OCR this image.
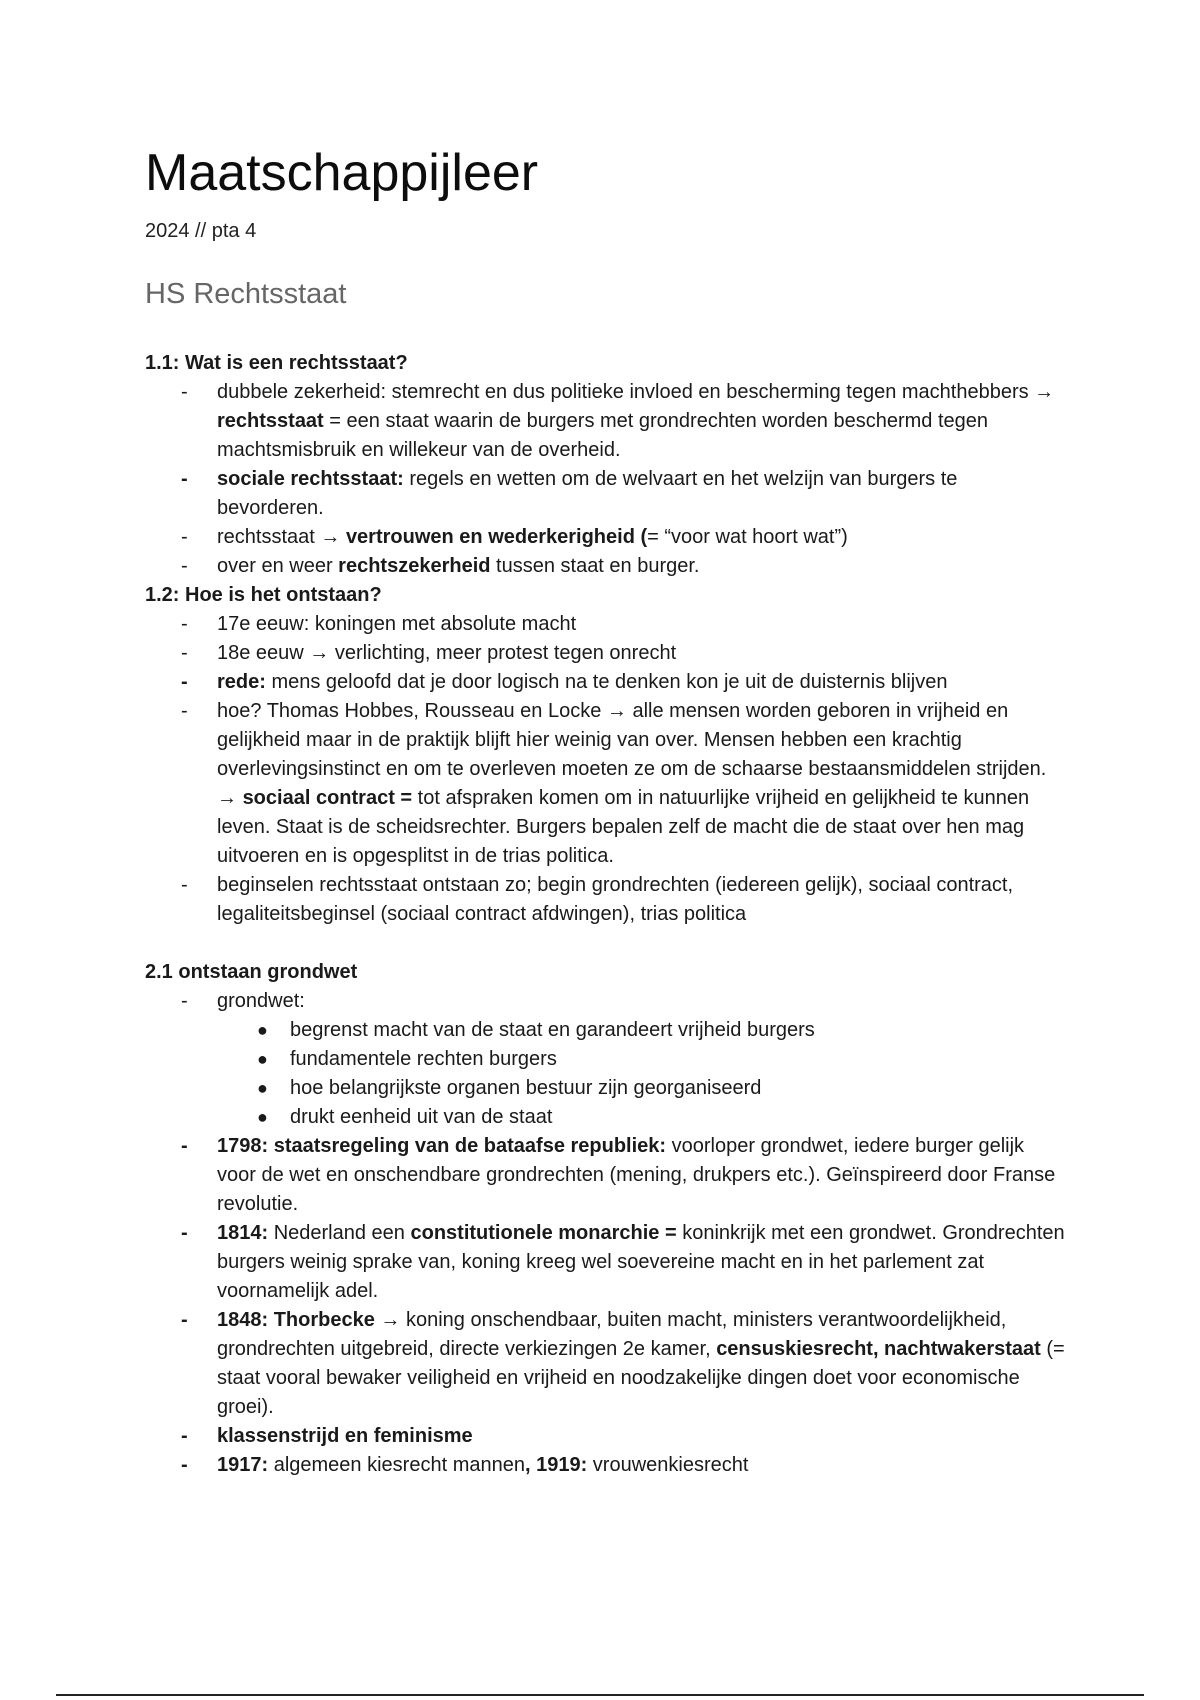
Maatschappijleer
2024 // pta 4
HS Rechtsstaat
1.1: Wat is een rechtsstaat?
- dubbele zekerheid: stemrecht en dus politieke invloed en bescherming tegen machthebbers → rechtsstaat = een staat waarin de burgers met grondrechten worden beschermd tegen machtsmisbruik en willekeur van de overheid.
- sociale rechtsstaat: regels en wetten om de welvaart en het welzijn van burgers te bevorderen.
- rechtsstaat → vertrouwen en wederkerigheid (= “voor wat hoort wat”)
- over en weer rechtszekerheid tussen staat en burger.
1.2: Hoe is het ontstaan?
- 17e eeuw: koningen met absolute macht
- 18e eeuw → verlichting, meer protest tegen onrecht
- rede: mens geloofd dat je door logisch na te denken kon je uit de duisternis blijven
- hoe? Thomas Hobbes, Rousseau en Locke → alle mensen worden geboren in vrijheid en gelijkheid maar in de praktijk blijft hier weinig van over. Mensen hebben een krachtig overlevingsinstinct en om te overleven moeten ze om de schaarse bestaansmiddelen strijden. → sociaal contract = tot afspraken komen om in natuurlijke vrijheid en gelijkheid te kunnen leven. Staat is de scheidsrechter. Burgers bepalen zelf de macht die de staat over hen mag uitvoeren en is opgesplitst in de trias politica.
- beginselen rechtsstaat ontstaan zo; begin grondrechten (iedereen gelijk), sociaal contract, legaliteitsbeginsel (sociaal contract afdwingen), trias politica
2.1 ontstaan grondwet
- grondwet:
● begrenst macht van de staat en garandeert vrijheid burgers
● fundamentele rechten burgers
● hoe belangrijkste organen bestuur zijn georganiseerd
● drukt eenheid uit van de staat
- 1798: staatsregeling van de bataafse republiek: voorloper grondwet, iedere burger gelijk voor de wet en onschendbare grondrechten (mening, drukpers etc.). Geïnspireerd door Franse revolutie.
- 1814: Nederland een constitutionele monarchie = koninkrijk met een grondwet. Grondrechten burgers weinig sprake van, koning kreeg wel soevereine macht en in het parlement zat voornamelijk adel.
- 1848: Thorbecke → koning onschendbaar, buiten macht, ministers verantwoordelijkheid, grondrechten uitgebreid, directe verkiezingen 2e kamer, censuskiesrecht, nachtwakerstaat (= staat vooral bewaker veiligheid en vrijheid en noodzakelijke dingen doet voor economische groei).
- klassenstrijd en feminisme
- 1917: algemeen kiesrecht mannen, 1919: vrouwenkiesrecht
